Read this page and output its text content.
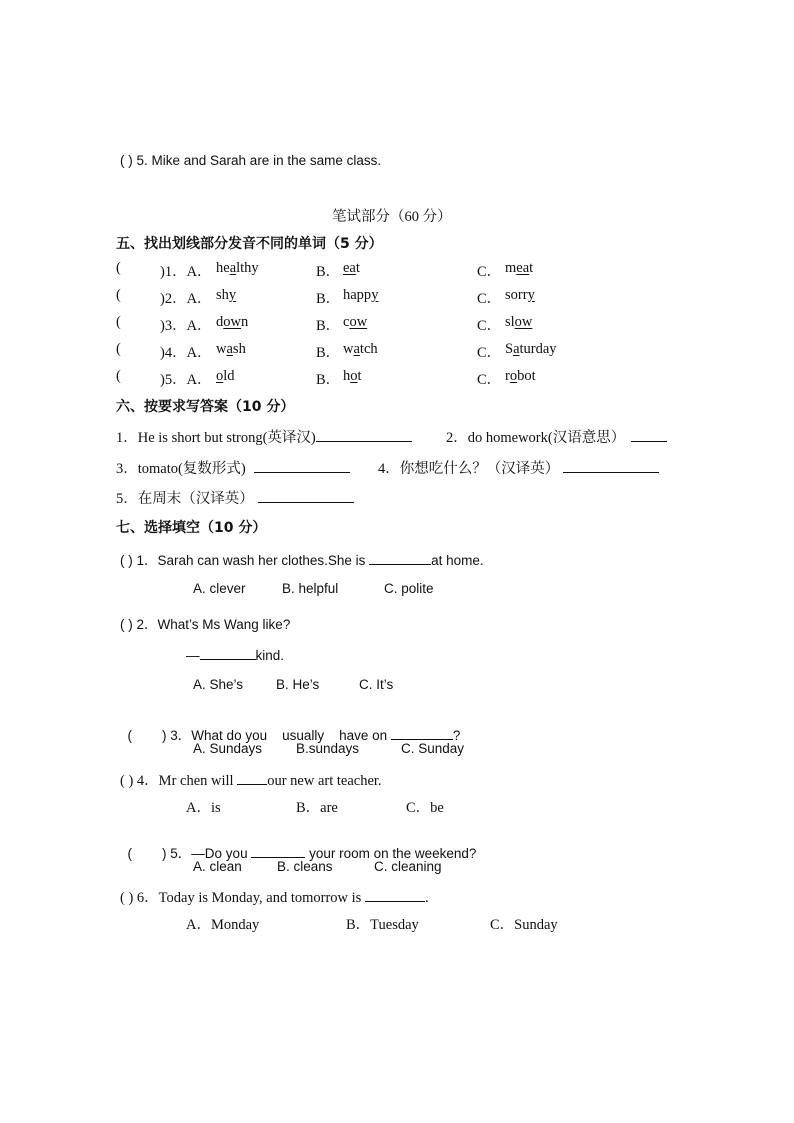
( ) 5. Mike and Sarah are in the same class.
笔试部分（60 分）
五、找出划线部分发音不同的单词（5 分）
(	)1．A． healthy	B． eat	C． meat
(	)2．A． shy	B． happy	C． sorry
(	)3．A． down	B． cow	C． slow
(	)4．A． wash	B． watch	C． Saturday
(	)5．A． old	B． hot	C． robot
六、按要求写答案（10 分）
1．He is short but strong(英译汉)	2．do homework(汉语意思）
3．tomato(复数形式)	4．你想吃什么？（汉译英）
5．在周末（汉译英）
七、选择填空（10 分）
( ) 1．Sarah can wash her clothes.She is	at home.
A. clever	B. helpful	C. polite
( ) 2．What’s Ms Wang like?
—	kind.
A. She’s B. He’s	C. It’s

(        ) 3．What do you    usually    have on	?

A. Sundays	B.sundays	C. Sunday
( ) 4．Mr chen will our new art teacher.
A．is	B．are	C．be

(        ) 5．—Do you	your room on the weekend?

A. clean	B. cleans	C. cleaning
( ) 6．Today is Monday, and tomorrow is	.
A．Monday	B．Tuesday	C．Sunday
